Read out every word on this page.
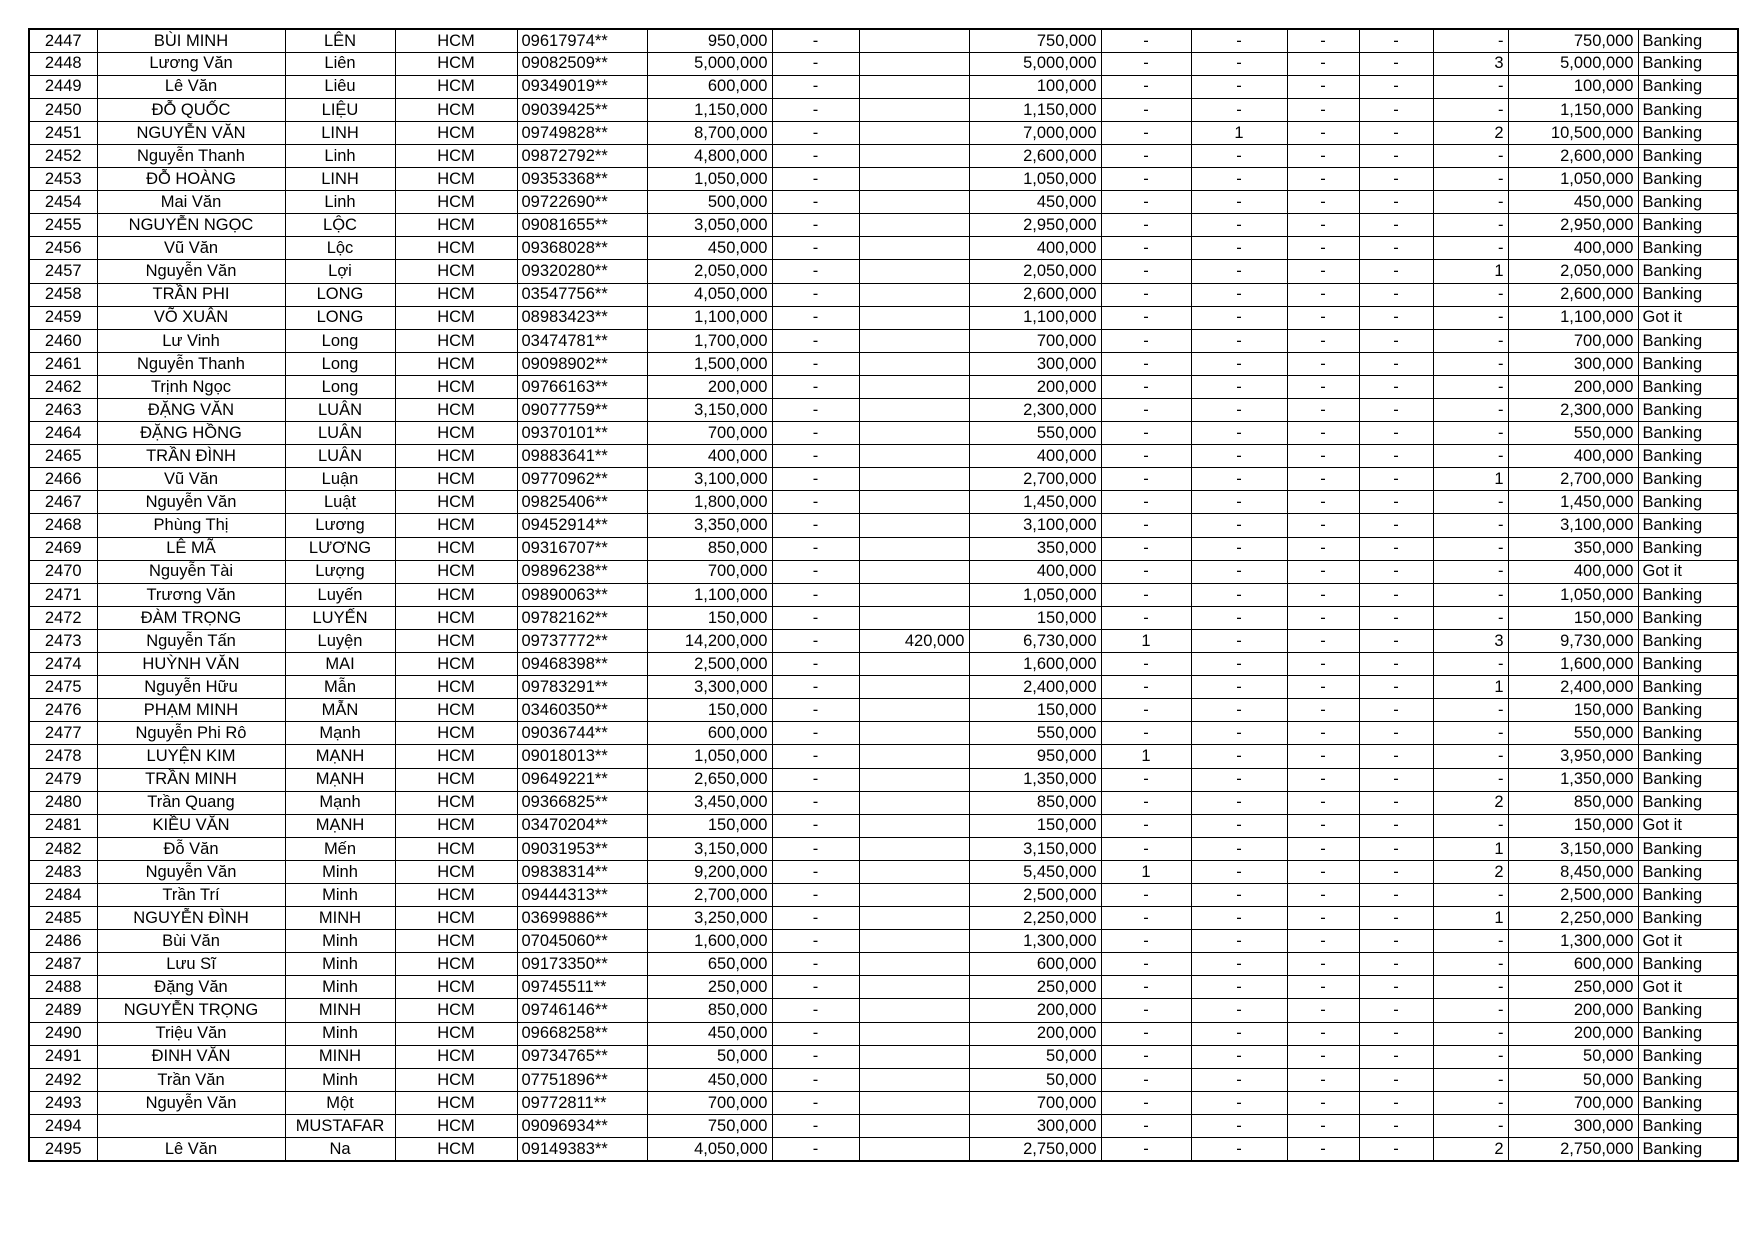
2447	BÙI MINH	LÊN	HCM	09617974**	950,000	-		750,000	-	-	-	-	-	750,000	Banking
2448	Lương Văn	Liên	HCM	09082509**	5,000,000	-		5,000,000	-	-	-	-	3	5,000,000	Banking
2449	Lê Văn	Liêu	HCM	09349019**	600,000	-		100,000	-	-	-	-	-	100,000	Banking
2450	ĐỖ QUỐC	LIỆU	HCM	09039425**	1,150,000	-		1,150,000	-	-	-	-	-	1,150,000	Banking
2451	NGUYỄN VĂN	LINH	HCM	09749828**	8,700,000	-		7,000,000	-	1	-	-	2	10,500,000	Banking
2452	Nguyễn Thanh	Linh	HCM	09872792**	4,800,000	-		2,600,000	-	-	-	-	-	2,600,000	Banking
2453	ĐỖ HOÀNG	LINH	HCM	09353368**	1,050,000	-		1,050,000	-	-	-	-	-	1,050,000	Banking
2454	Mai Văn	Linh	HCM	09722690**	500,000	-		450,000	-	-	-	-	-	450,000	Banking
2455	NGUYỄN NGỌC	LỘC	HCM	09081655**	3,050,000	-		2,950,000	-	-	-	-	-	2,950,000	Banking
2456	Vũ Văn	Lộc	HCM	09368028**	450,000	-		400,000	-	-	-	-	-	400,000	Banking
2457	Nguyễn Văn	Lợi	HCM	09320280**	2,050,000	-		2,050,000	-	-	-	-	1	2,050,000	Banking
2458	TRẦN PHI	LONG	HCM	03547756**	4,050,000	-		2,600,000	-	-	-	-	-	2,600,000	Banking
2459	VÕ XUÂN	LONG	HCM	08983423**	1,100,000	-		1,100,000	-	-	-	-	-	1,100,000	Got it
2460	Lư Vinh	Long	HCM	03474781**	1,700,000	-		700,000	-	-	-	-	-	700,000	Banking
2461	Nguyễn Thanh	Long	HCM	09098902**	1,500,000	-		300,000	-	-	-	-	-	300,000	Banking
2462	Trịnh Ngọc	Long	HCM	09766163**	200,000	-		200,000	-	-	-	-	-	200,000	Banking
2463	ĐẶNG VĂN	LUÂN	HCM	09077759**	3,150,000	-		2,300,000	-	-	-	-	-	2,300,000	Banking
2464	ĐẶNG HỒNG	LUÂN	HCM	09370101**	700,000	-		550,000	-	-	-	-	-	550,000	Banking
2465	TRẦN ĐÌNH	LUÂN	HCM	09883641**	400,000	-		400,000	-	-	-	-	-	400,000	Banking
2466	Vũ Văn	Luận	HCM	09770962**	3,100,000	-		2,700,000	-	-	-	-	1	2,700,000	Banking
2467	Nguyễn Văn	Luật	HCM	09825406**	1,800,000	-		1,450,000	-	-	-	-	-	1,450,000	Banking
2468	Phùng Thị	Lương	HCM	09452914**	3,350,000	-		3,100,000	-	-	-	-	-	3,100,000	Banking
2469	LÊ MÃ	LƯƠNG	HCM	09316707**	850,000	-		350,000	-	-	-	-	-	350,000	Banking
2470	Nguyễn Tài	Lượng	HCM	09896238**	700,000	-		400,000	-	-	-	-	-	400,000	Got it
2471	Trương Văn	Luyến	HCM	09890063**	1,100,000	-		1,050,000	-	-	-	-	-	1,050,000	Banking
2472	ĐÀM TRỌNG	LUYẾN	HCM	09782162**	150,000	-		150,000	-	-	-	-	-	150,000	Banking
2473	Nguyễn Tấn	Luyện	HCM	09737772**	14,200,000	-	420,000	6,730,000	1	-	-	-	3	9,730,000	Banking
2474	HUỲNH VĂN	MAI	HCM	09468398**	2,500,000	-		1,600,000	-	-	-	-	-	1,600,000	Banking
2475	Nguyễn Hữu	Mẫn	HCM	09783291**	3,300,000	-		2,400,000	-	-	-	-	1	2,400,000	Banking
2476	PHẠM MINH	MẪN	HCM	03460350**	150,000	-		150,000	-	-	-	-	-	150,000	Banking
2477	Nguyễn Phi Rô	Mạnh	HCM	09036744**	600,000	-		550,000	-	-	-	-	-	550,000	Banking
2478	LUYỆN KIM	MẠNH	HCM	09018013**	1,050,000	-		950,000	1	-	-	-	-	3,950,000	Banking
2479	TRẦN MINH	MẠNH	HCM	09649221**	2,650,000	-		1,350,000	-	-	-	-	-	1,350,000	Banking
2480	Trần Quang	Mạnh	HCM	09366825**	3,450,000	-		850,000	-	-	-	-	2	850,000	Banking
2481	KIỀU VĂN	MẠNH	HCM	03470204**	150,000	-		150,000	-	-	-	-	-	150,000	Got it
2482	Đỗ Văn	Mến	HCM	09031953**	3,150,000	-		3,150,000	-	-	-	-	1	3,150,000	Banking
2483	Nguyễn Văn	Minh	HCM	09838314**	9,200,000	-		5,450,000	1	-	-	-	2	8,450,000	Banking
2484	Trần Trí	Minh	HCM	09444313**	2,700,000	-		2,500,000	-	-	-	-	-	2,500,000	Banking
2485	NGUYỄN ĐÌNH	MINH	HCM	03699886**	3,250,000	-		2,250,000	-	-	-	-	1	2,250,000	Banking
2486	Bùi Văn	Minh	HCM	07045060**	1,600,000	-		1,300,000	-	-	-	-	-	1,300,000	Got it
2487	Lưu Sĩ	Minh	HCM	09173350**	650,000	-		600,000	-	-	-	-	-	600,000	Banking
2488	Đặng Văn	Minh	HCM	09745511**	250,000	-		250,000	-	-	-	-	-	250,000	Got it
2489	NGUYỄN TRỌNG	MINH	HCM	09746146**	850,000	-		200,000	-	-	-	-	-	200,000	Banking
2490	Triệu Văn	Minh	HCM	09668258**	450,000	-		200,000	-	-	-	-	-	200,000	Banking
2491	ĐINH VĂN	MINH	HCM	09734765**	50,000	-		50,000	-	-	-	-	-	50,000	Banking
2492	Trần Văn	Minh	HCM	07751896**	450,000	-		50,000	-	-	-	-	-	50,000	Banking
2493	Nguyễn Văn	Một	HCM	09772811**	700,000	-		700,000	-	-	-	-	-	700,000	Banking
2494		MUSTAFAR	HCM	09096934**	750,000	-		300,000	-	-	-	-	-	300,000	Banking
2495	Lê Văn	Na	HCM	09149383**	4,050,000	-		2,750,000	-	-	-	-	2	2,750,000	Banking
